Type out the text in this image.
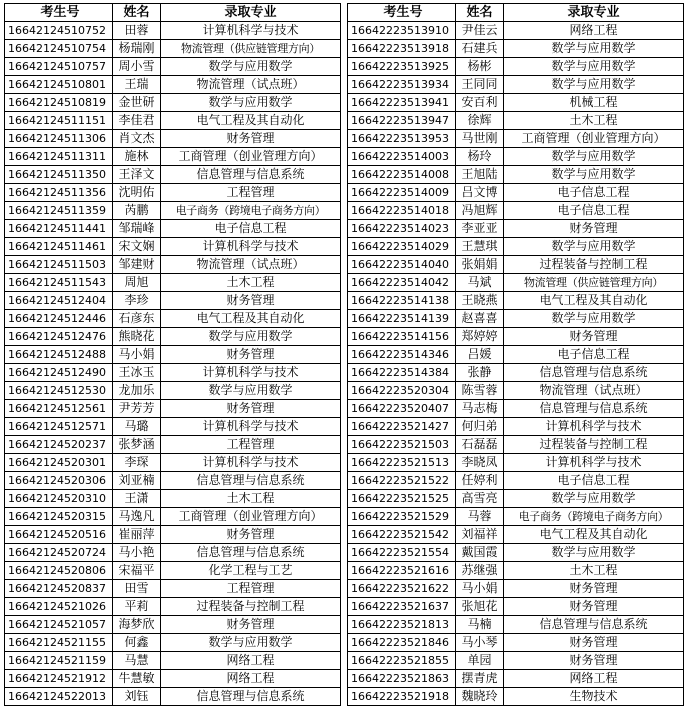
考生号	姓名	录取专业		考生号	姓名	录取专业
16642124510752	田蓉	计算机科学与技术		16642223513910	尹佳云	网络工程
16642124510754	杨瑞刚	物流管理（供应链管理方向）		16642223513918	石建兵	数学与应用数学
16642124510757	周小雪	数学与应用数学		16642223513925	杨彬	数学与应用数学
16642124510801	王瑞	物流管理（试点班）		16642223513934	王同同	数学与应用数学
16642124510819	金世研	数学与应用数学		16642223513941	安百利	机械工程
16642124511151	李佳君	电气工程及其自动化		16642223513947	徐辉	土木工程
16642124511306	肖文杰	财务管理		16642223513953	马世刚	工商管理（创业管理方向）
16642124511311	施林	工商管理（创业管理方向）		16642223514003	杨玲	数学与应用数学
16642124511350	王泽文	信息管理与信息系统		16642223514008	王旭陆	数学与应用数学
16642124511356	沈明佑	工程管理		16642223514009	吕文博	电子信息工程
16642124511359	芮鹏	电子商务（跨境电子商务方向）		16642223514018	冯旭辉	电子信息工程
16642124511441	邹瑞峰	电子信息工程		16642223514023	李亚亚	财务管理
16642124511461	宋文娴	计算机科学与技术		16642223514029	王慧琪	数学与应用数学
16642124511503	邹建财	物流管理（试点班）		16642223514040	张娟娟	过程装备与控制工程
16642124511543	周旭	土木工程		16642223514042	马斌	物流管理（供应链管理方向）
16642124512404	李珍	财务管理		16642223514138	王晓燕	电气工程及其自动化
16642124512446	石彦东	电气工程及其自动化		16642223514139	赵喜喜	数学与应用数学
16642124512476	熊晓花	数学与应用数学		16642223514156	郑婷婷	财务管理
16642124512488	马小娟	财务管理		16642223514346	吕媛	电子信息工程
16642124512490	王冰玉	计算机科学与技术		16642223514384	张静	信息管理与信息系统
16642124512530	龙加乐	数学与应用数学		16642223520304	陈雪蓉	物流管理（试点班）
16642124512561	尹芳芳	财务管理		16642223520407	马志梅	信息管理与信息系统
16642124512571	马璐	计算机科学与技术		16642223521427	何归弟	计算机科学与技术
16642124520237	张梦涵	工程管理		16642223521503	石磊磊	过程装备与控制工程
16642124520301	李琛	计算机科学与技术		16642223521513	李晓凤	计算机科学与技术
16642124520306	刘亚楠	信息管理与信息系统		16642223521522	任婷利	电子信息工程
16642124520310	王潇	土木工程		16642223521525	高雪亮	数学与应用数学
16642124520315	马逸凡	工商管理（创业管理方向）		16642223521529	马蓉	电子商务（跨境电子商务方向）
16642124520516	崔丽萍	财务管理		16642223521542	刘福祥	电气工程及其自动化
16642124520724	马小艳	信息管理与信息系统		16642223521554	戴国霞	数学与应用数学
16642124520806	宋福平	化学工程与工艺		16642223521616	苏继强	土木工程
16642124520837	田雪	工程管理		16642223521622	马小娟	财务管理
16642124521026	平莉	过程装备与控制工程		16642223521637	张旭花	财务管理
16642124521057	海梦欣	财务管理		16642223521813	马楠	信息管理与信息系统
16642124521155	何鑫	数学与应用数学		16642223521846	马小琴	财务管理
16642124521159	马慧	网络工程		16642223521855	单园	财务管理
16642124521912	牛慧敏	网络工程		16642223521863	摆青虎	网络工程
16642124522013	刘钰	信息管理与信息系统		16642223521918	魏晓玲	生物技术
